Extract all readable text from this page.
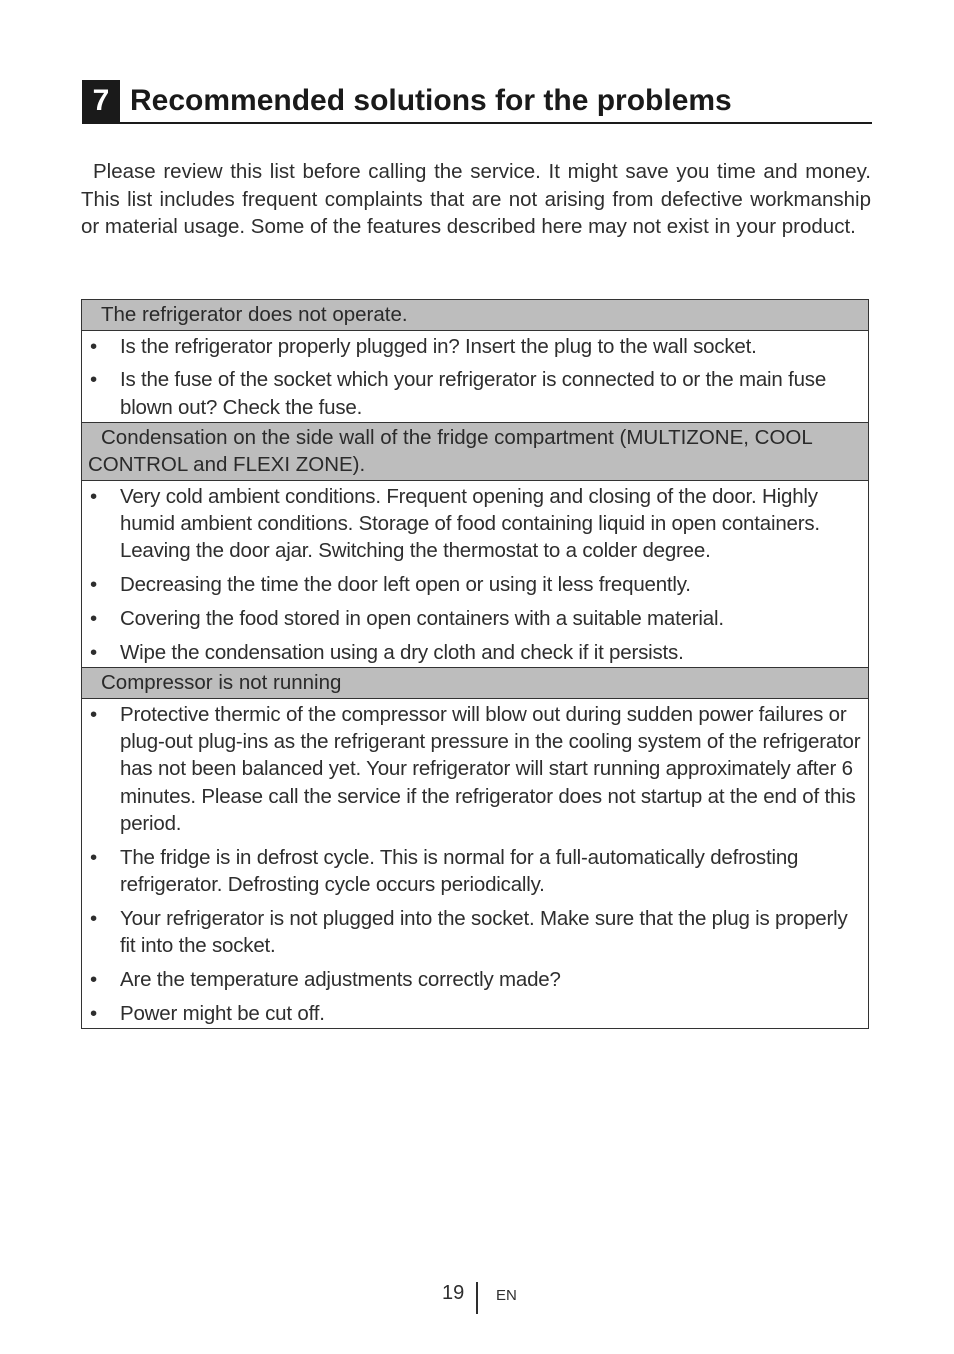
7 Recommended solutions for the problems

Please review this list before calling the service. It might save you time and money. This list includes frequent complaints that are not arising from defective workmanship or material usage. Some of the features described here may not exist in your product.

The refrigerator does not operate.
•	Is the refrigerator properly plugged in? Insert the plug to the wall socket.
•	Is the fuse of the socket which your refrigerator is connected to or the main fuse blown out? Check the fuse.
Condensation on the side wall of the fridge compartment (MULTIZONE, COOL CONTROL and FLEXI ZONE).
•	Very cold ambient conditions. Frequent opening and closing of the door. Highly humid ambient conditions. Storage of food containing liquid in open containers. Leaving the door ajar. Switching the thermostat to a colder degree.
•	Decreasing the time the door left open or using it less frequently.
•	Covering the food stored in open containers with a suitable material.
•	Wipe the condensation using a dry cloth and check if it persists.
Compressor is not running
•	Protective thermic of the compressor will blow out during sudden power failures or plug-out plug-ins as the refrigerant pressure in the cooling system of the refrigerator has not been balanced yet. Your refrigerator will start running approximately after 6 minutes. Please call the service if the refrigerator does not startup at the end of this period.
•	The fridge is in defrost cycle. This is normal for a full-automatically defrosting refrigerator. Defrosting cycle occurs periodically.
•	Your refrigerator is not plugged into the socket. Make sure that the plug is properly fit into the socket.
•	Are the temperature adjustments correctly made?
•	Power might be cut off.
19 EN
